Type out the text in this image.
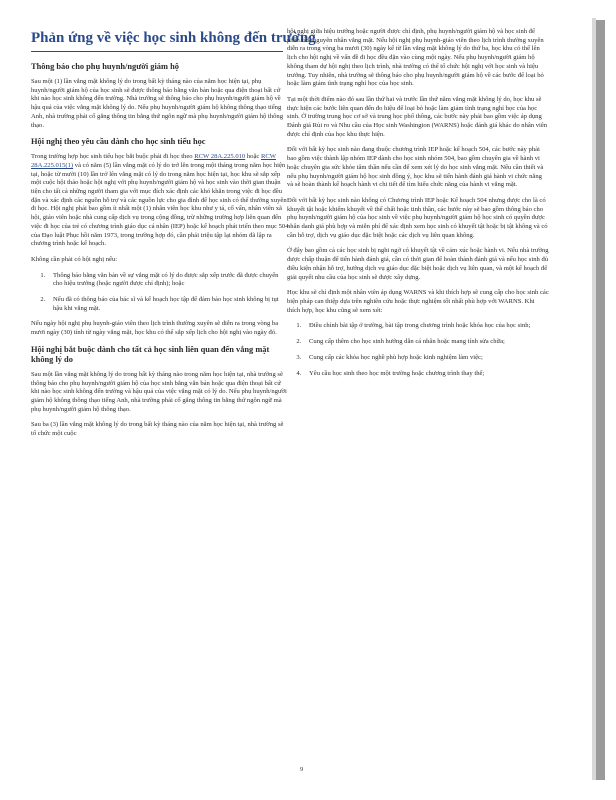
Phản ứng về việc học sinh không đến trường
Thông báo cho phụ huynh/người giám hộ

Sau một (1) lần vắng mặt không lý do trong bất kỳ tháng nào của năm học hiện tại, phụ huynh/người giám hộ của học sinh sẽ được thông báo bằng văn bản hoặc qua điện thoại bất cứ khi nào học sinh không đến trường. Nhà trường sẽ thông báo cho phụ huynh/người giám hộ về hậu quả của việc vắng mặt không lý do. Nếu phụ huynh/người giám hộ không thông thạo tiếng Anh, nhà trường phải cố gắng thông tin bằng thứ ngôn ngữ mà phụ huynh/người giám hộ thông thạo.

Hội nghị theo yêu cầu dành cho học sinh tiểu học

Trong trường hợp học sinh tiểu học bắt buộc phải đi học theo RCW 28A.225.010 hoặc RCW 28A.225.015(1) và có năm (5) lần vắng mặt có lý do trở lên trong một tháng trong năm học hiện tại, hoặc từ mười (10) lần trở lên vắng mặt có lý do trong năm học hiện tại, học khu sẽ sắp xếp một cuộc hội thảo hoặc hội nghị với phụ huynh/người giám hộ và học sinh vào thời gian thuận tiện cho tất cả những người tham gia với mục đích xác định các khó khăn trong việc đi học đều đặn và xác định các nguồn hỗ trợ và các nguồn lực cho gia đình để học sinh có thể thường xuyên đi học. Hội nghị phải bao gồm ít nhất một (1) nhân viên học khu như y tá, cố vấn, nhân viên xã hội, giáo viên hoặc nhà cung cấp dịch vụ trong cộng đồng, trừ những trường hợp liên quan đến việc đi học của trẻ có chương trình giáo dục cá nhân (IEP) hoặc kế hoạch phát triển theo mục 504 của Đạo luật Phục hồi năm 1973, trong trường hợp đó, cần phải triệu tập lại nhóm đã lập ra chương trình hoặc kế hoạch.

Không cần phải có hội nghị nếu:

1. Thông báo bằng văn bản về sự vắng mặt có lý do được sắp xếp trước đã được chuyển cho hiệu trưởng (hoặc người được chỉ định); hoặc
2. Nếu đã có thông báo của bác sĩ và kế hoạch học tập để đảm bảo học sinh không bị tụt hậu khi vắng mặt.

Nếu ngày hội nghị phụ huynh-giáo viên theo lịch trình thường xuyên sẽ diễn ra trong vòng ba mươi ngày (30) tính từ ngày vắng mặt, học khu có thể sắp xếp lịch cho hội nghị vào ngày đó.

Hội nghị bắt buộc dành cho tất cả học sinh liên quan đến vắng mặt không lý do

Sau một lần vắng mặt không lý do trong bất kỳ tháng nào trong năm học hiện tại, nhà trường sẽ thông báo cho phụ huynh/người giám hộ của học sinh bằng văn bản hoặc qua điện thoại bất cứ khi nào học sinh không đến trường và hậu quả của việc vắng mặt có lý do. Nếu phụ huynh/người giám hộ không thông thạo tiếng Anh, nhà trường phải cố gắng thông tin bằng thứ ngôn ngữ mà phụ huynh/người giám hộ thông thạo.

Sau ba (3) lần vắng mặt không lý do trong bất kỳ tháng nào của năm học hiện tại, nhà trường sẽ tổ chức một cuộc

hội nghị giữa hiệu trưởng hoặc người được chỉ định, phụ huynh/người giám hộ và học sinh để phân tích nguyên nhân vắng mặt. Nếu hội nghị phụ huynh-giáo viên theo lịch trình thường xuyên diễn ra trong vòng ba mươi (30) ngày kể từ lần vắng mặt không lý do thứ ba, học khu có thể lên lịch cho hội nghị về vấn đề đi học đều đặn vào cùng một ngày. Nếu phụ huynh/người giám hộ không tham dự hội nghị theo lịch trình, nhà trường có thể tổ chức hội nghị với học sinh và hiệu trưởng. Tuy nhiên, nhà trường sẽ thông báo cho phụ huynh/người giám hộ về các bước để loại bỏ hoặc làm giảm tình trạng nghỉ học của học sinh.

Tại một thời điểm nào đó sau lần thứ hai và trước lần thứ năm vắng mặt không lý do, học khu sẽ thực hiện các bước liên quan đến đo hiệu để loại bỏ hoặc làm giảm tình trạng nghỉ học của học sinh. Ở trường trung học cơ sở và trung học phổ thông, các bước này phải bao gồm việc áp dụng Đánh giá Rủi ro và Nhu cầu của Học sinh Washington (WARNS) hoặc đánh giá khác do nhân viên được chỉ định của học khu thực hiện.

Đối với bất kỳ học sinh nào đang thuộc chương trình IEP hoặc kế hoạch 504, các bước này phải bao gồm việc thành lập nhóm IEP dành cho học sinh nhóm 504, bao gồm chuyên gia về hành vi hoặc chuyên gia sức khỏe tâm thần nếu cần để xem xét lý do học sinh vắng mặt. Nếu cần thiết và nếu phụ huynh/người giám hộ học sinh đồng ý, học khu sẽ tiến hành đánh giá hành vi chức năng và sẽ hoàn thành kế hoạch hành vi chi tiết để tìm hiểu chức năng của hành vi vắng mặt.

Đối với bất kỳ học sinh nào không có Chương trình IEP hoặc Kế hoạch 504 nhưng được cho là có khuyết tật hoặc khiếm khuyết về thể chất hoặc tinh thần, các bước này sẽ bao gồm thông báo cho phụ huynh/người giám hộ của học sinh về việc phụ huynh/người giám hộ học sinh có quyền được nhân danh giá phù hợp và miễn phí để xác định xem học sinh có khuyết tật hoặc bị tật không và có cần hỗ trợ, dịch vụ giáo dục đặc biệt hoặc các dịch vụ liên quan không.

Ở đây bao gồm cả các học sinh bị nghi ngờ có khuyết tật về cảm xúc hoặc hành vi. Nếu nhà trường được chấp thuận để tiến hành đánh giá, cần có thời gian để hoàn thành đánh giá và nếu học sinh đủ điều kiện nhận hỗ trợ, hướng dịch vụ giáo dục đặc biệt hoặc dịch vụ liên quan, và một kế hoạch để giải quyết nhu cầu của học sinh sẽ được xây dựng.

Học khu sẽ chỉ định một nhân viên áp dụng WARNS và khi thích hợp sẽ cung cấp cho học sinh các biện pháp can thiệp dựa trên nghiên cứu hoặc thực nghiệm tốt nhất phù hợp với WARNS. Khi thích hợp, học khu cũng sẽ xem xét:

1. Điều chỉnh bài tập ở trường, bài tập trong chương trình hoặc khóa học của học sinh;
2. Cung cấp thêm cho học sinh hướng dẫn cá nhân hoặc mang tính sửa chữa;
3. Cung cấp các khóa học nghề phù hợp hoặc kinh nghiệm làm việc;
4. Yêu cầu học sinh theo học một trường hoặc chương trình thay thế;
9
